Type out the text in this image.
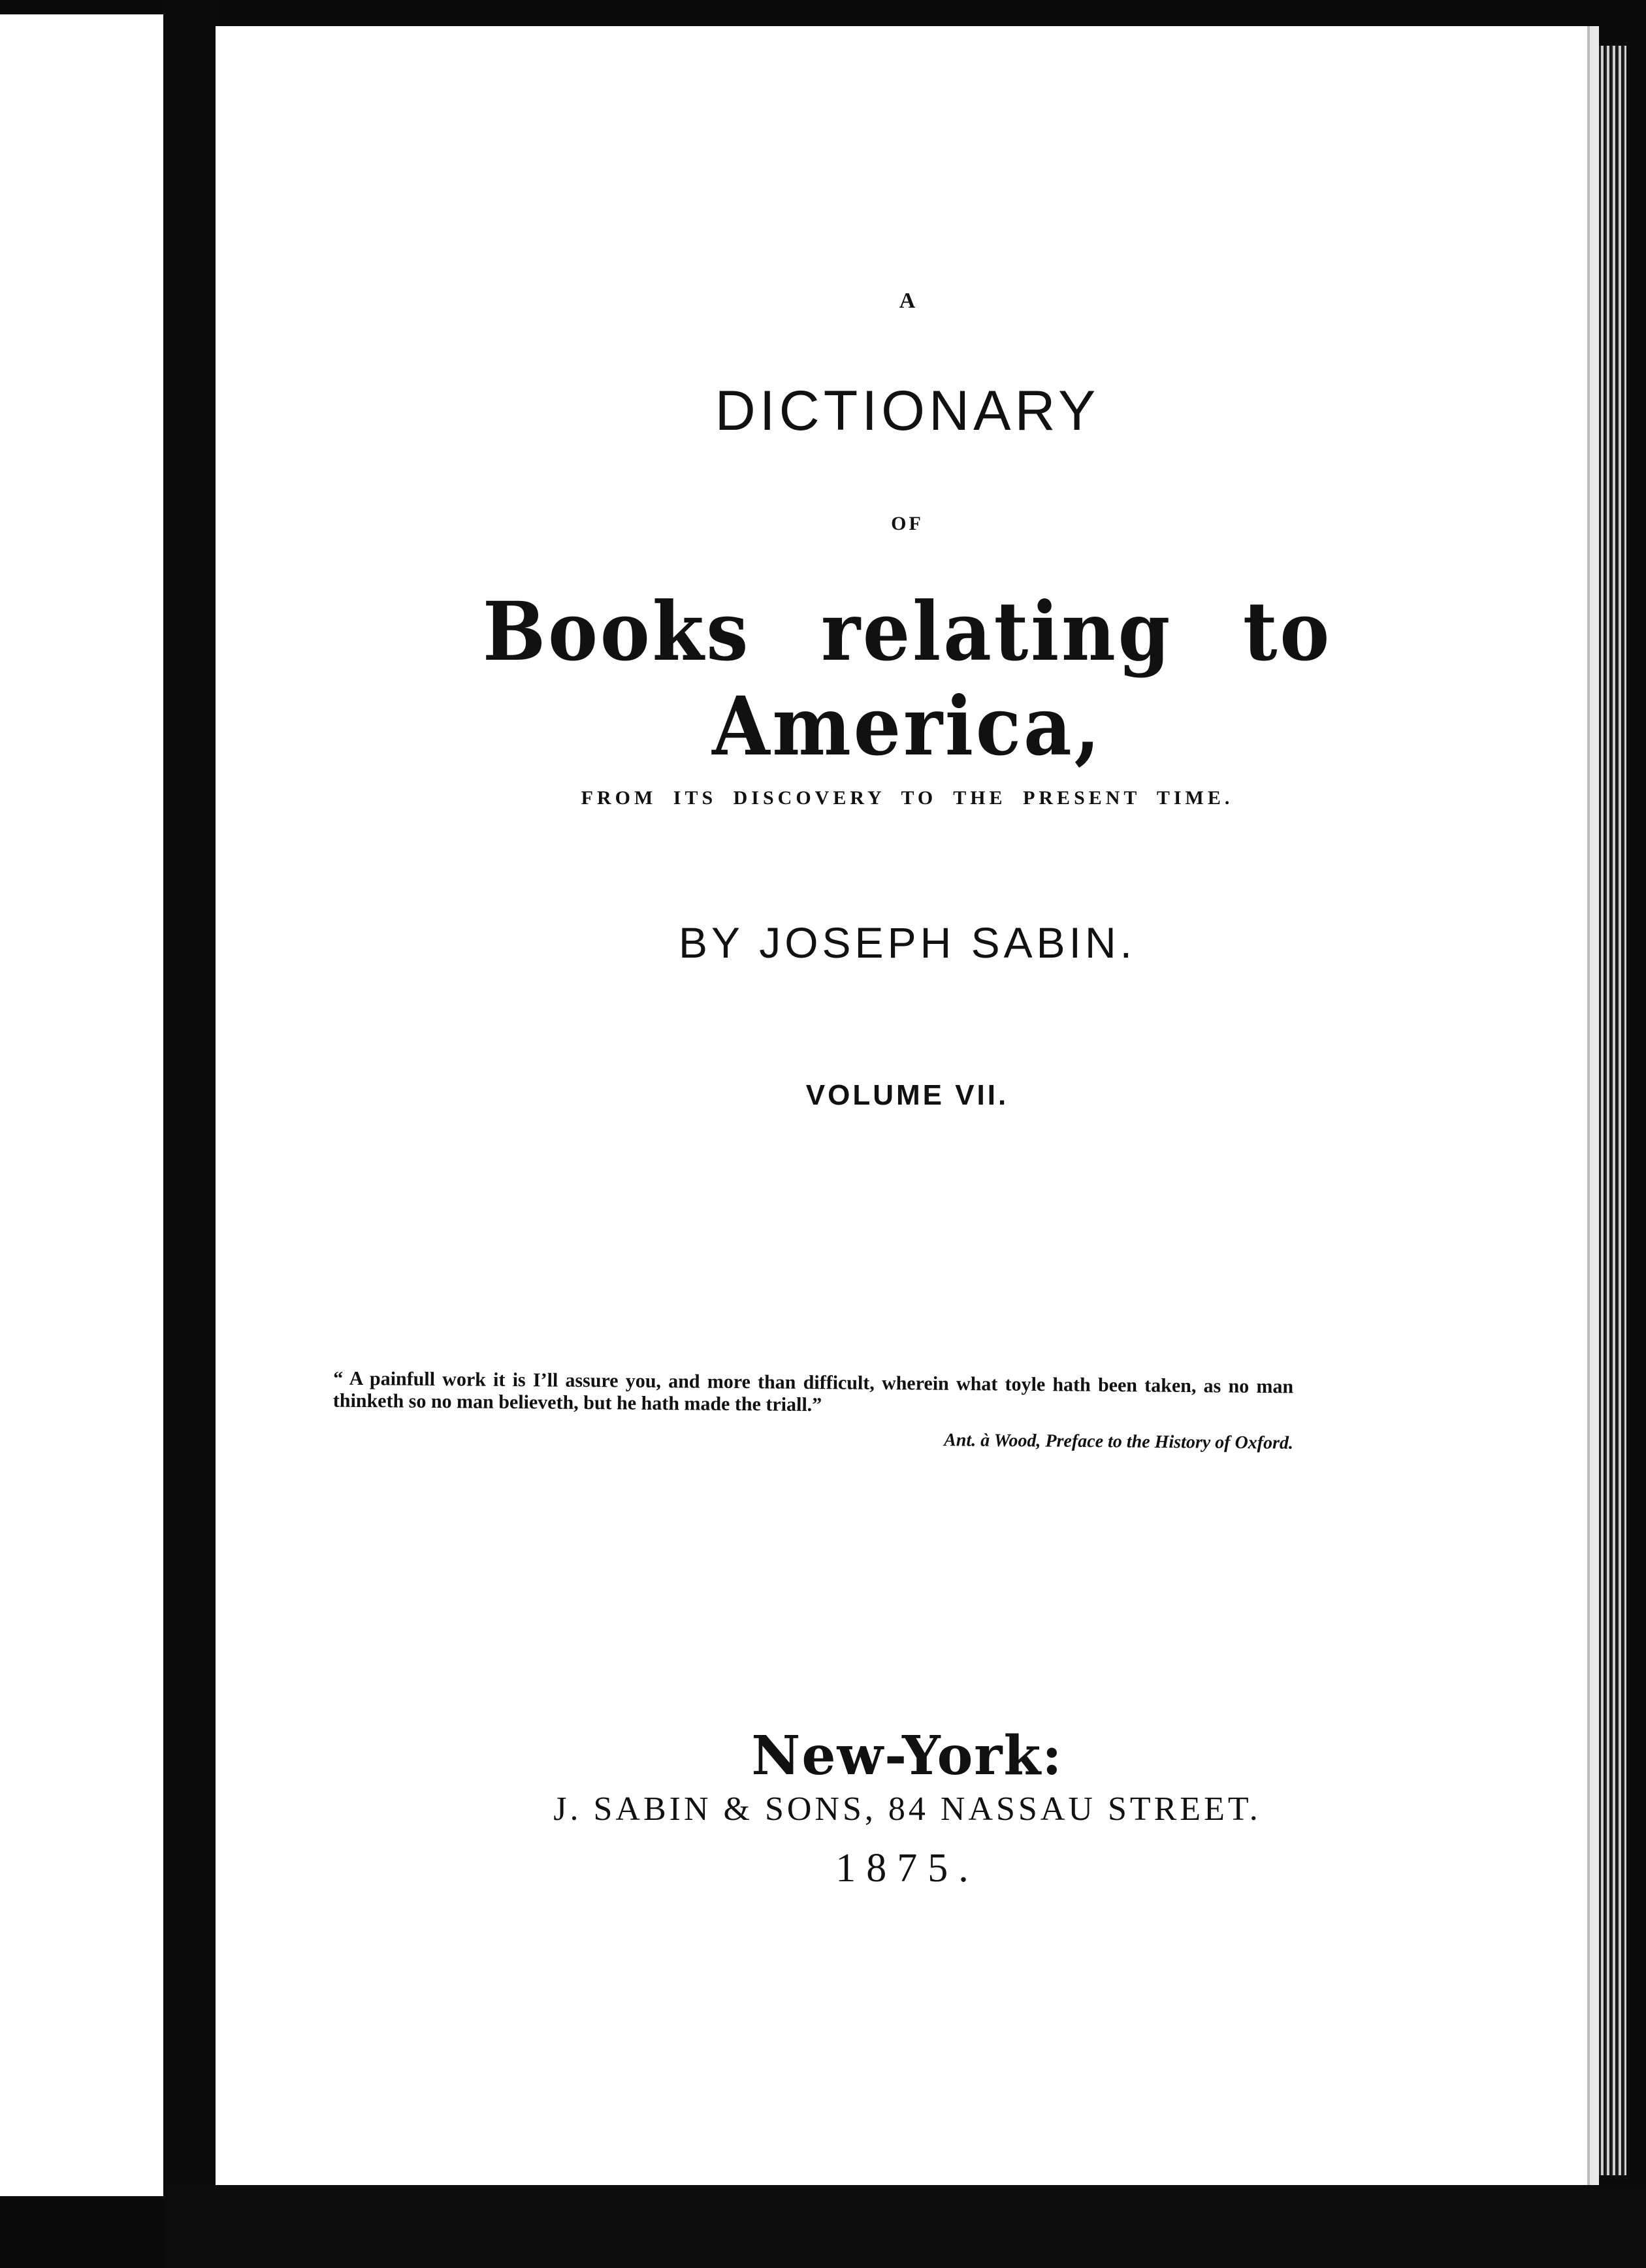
A
DICTIONARY
OF
Books relating to America,
FROM ITS DISCOVERY TO THE PRESENT TIME.
BY JOSEPH SABIN.
VOLUME VII.
“ A painfull work it is I’ll assure you, and more than difficult, wherein what toyle hath been taken, as no man thinketh so no man believeth, but he hath made the triall.”
Ant. à Wood, Preface to the History of Oxford.
New-York:
J. SABIN & SONS, 84 NASSAU STREET.
1875.
